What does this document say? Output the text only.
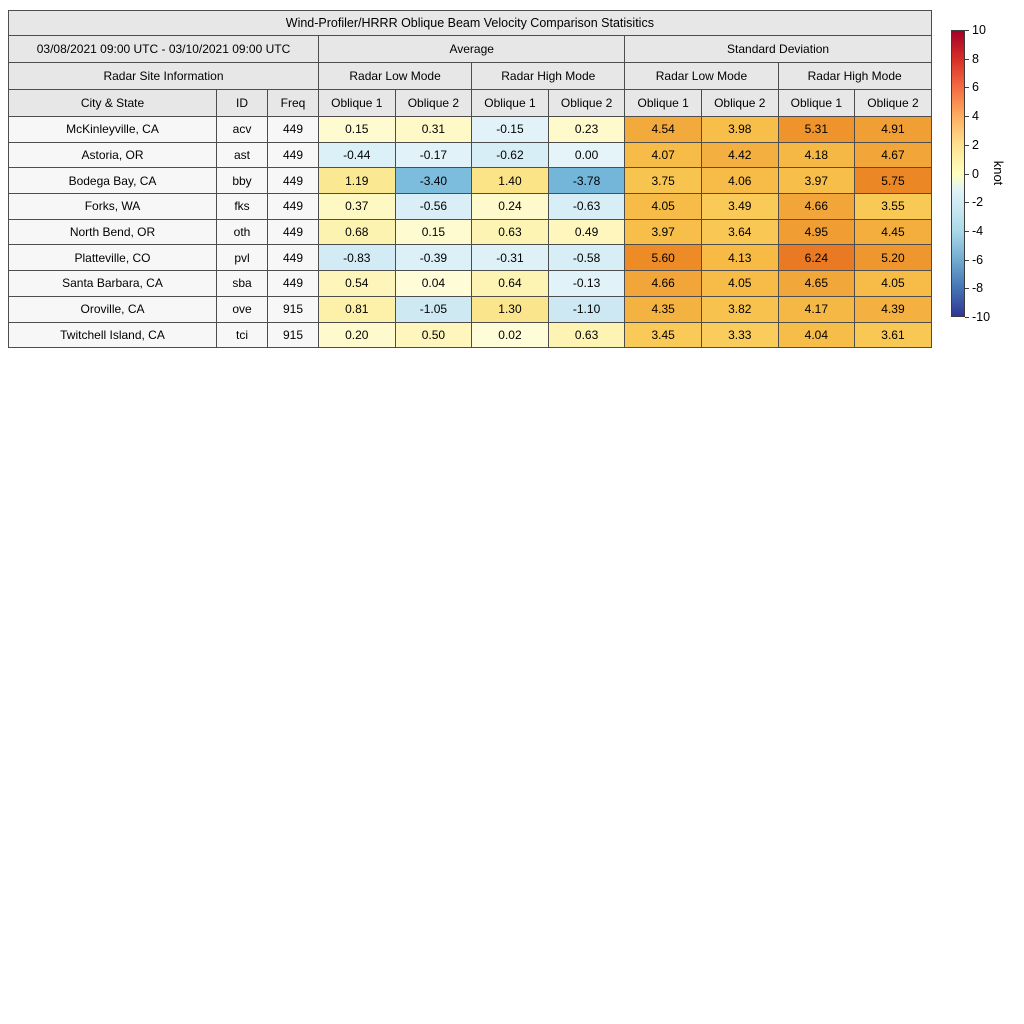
Wind-Profiler/HRRR Oblique Beam Velocity Comparison Statisitics										
03/08/2021 09:00 UTC - 03/10/2021 09:00 UTC			Average				Standard Deviation			
Radar Site Information			Radar Low Mode		Radar High Mode		Radar Low Mode		Radar High Mode	
City & State	ID	Freq	Oblique 1	Oblique 2	Oblique 1	Oblique 2	Oblique 1	Oblique 2	Oblique 1	Oblique 2
McKinleyville, CA	acv	449	0.15	0.31	-0.15	0.23	4.54	3.98	5.31	4.91
Astoria, OR	ast	449	-0.44	-0.17	-0.62	0.00	4.07	4.42	4.18	4.67
Bodega Bay, CA	bby	449	1.19	-3.40	1.40	-3.78	3.75	4.06	3.97	5.75
Forks, WA	fks	449	0.37	-0.56	0.24	-0.63	4.05	3.49	4.66	3.55
North Bend, OR	oth	449	0.68	0.15	0.63	0.49	3.97	3.64	4.95	4.45
Platteville, CO	pvl	449	-0.83	-0.39	-0.31	-0.58	5.60	4.13	6.24	5.20
Santa Barbara, CA	sba	449	0.54	0.04	0.64	-0.13	4.66	4.05	4.65	4.05
Oroville, CA	ove	915	0.81	-1.05	1.30	-1.10	4.35	3.82	4.17	4.39
Twitchell Island, CA	tci	915	0.20	0.50	0.02	0.63	3.45	3.33	4.04	3.61
knot
10
8
6
4
2
0
-2
-4
-6
-8
-10
